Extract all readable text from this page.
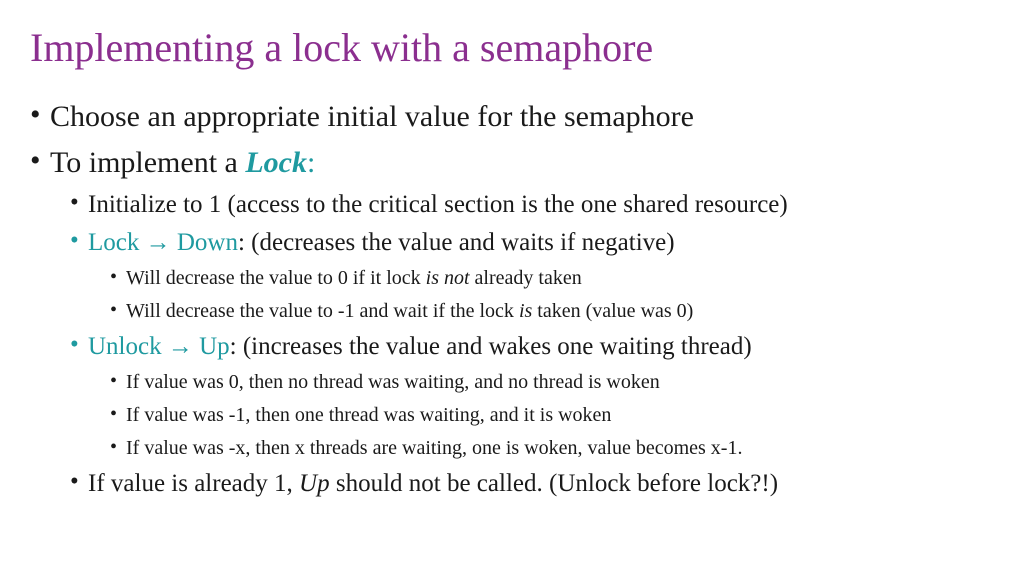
Implementing a lock with a semaphore
• Choose an appropriate initial value for the semaphore
• To implement a Lock:
• Initialize to 1 (access to the critical section is the one shared resource)
• Lock → Down: (decreases the value and waits if negative)
• Will decrease the value to 0 if it lock is not already taken
• Will decrease the value to -1 and wait if the lock is taken (value was 0)
• Unlock → Up: (increases the value and wakes one waiting thread)
• If value was 0, then no thread was waiting, and no thread is woken
• If value was -1, then one thread was waiting, and it is woken
• If value was -x, then x threads are waiting, one is woken, value becomes x-1.
• If value is already 1, Up should not be called. (Unlock before lock?!)
